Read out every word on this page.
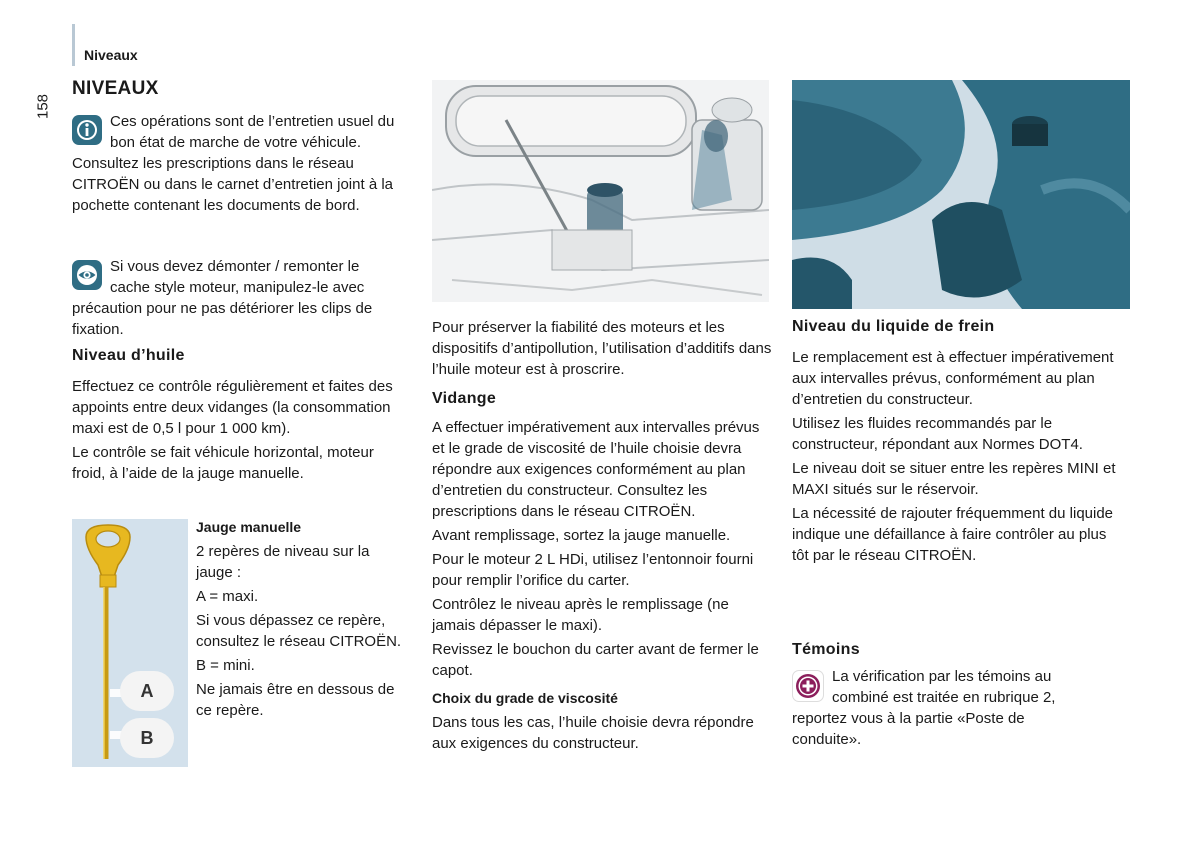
Niveaux
158
NIVEAUX

Ces opérations sont de l’entretien usuel du bon état de marche de votre véhicule. Consultez les prescriptions dans le réseau CITROËN ou dans le carnet d’entretien joint à la pochette contenant les documents de bord.

Si vous devez démonter / remonter le cache style moteur, manipulez-le avec précaution pour ne pas détériorer les clips de fixation.

Niveau d’huile

Effectuez ce contrôle régulièrement et faites des appoints entre deux vidanges (la consommation maxi est de 0,5 l pour 1 000 km).

Le contrôle se fait véhicule horizontal, moteur froid, à l’aide de la jauge manuelle.

A
B

Jauge manuelle

2 repères de niveau sur la jauge :

A = maxi.

Si vous dépassez ce repère, consultez le réseau CITROËN.

B = mini.

Ne jamais être en dessous de ce repère.

Pour préserver la fiabilité des moteurs et les dispositifs d’antipollution, l’utilisation d’additifs dans l’huile moteur est à proscrire.
Vidange

A effectuer impérativement aux intervalles prévus et le grade de viscosité de l’huile choisie devra répondre aux exigences conformément au plan d’entretien du constructeur. Consultez les prescriptions dans le réseau CITROËN.

Avant remplissage, sortez la jauge manuelle.

Pour le moteur 2 L HDi, utilisez l’entonnoir fourni pour remplir l’orifice du carter.

Contrôlez le niveau après le remplissage (ne jamais dépasser le maxi).

Revissez le bouchon du carter avant de fermer le capot.

Choix du grade de viscosité

Dans tous les cas, l’huile choisie devra répondre aux exigences du constructeur.

Niveau du liquide de frein

Le remplacement est à effectuer impérativement aux intervalles prévus, conformément au plan d’entretien du constructeur.

Utilisez les fluides recommandés par le constructeur, répondant aux Normes DOT4.

Le niveau doit se situer entre les repères MINI et MAXI situés sur le réservoir.

La nécessité de rajouter fréquemment du liquide indique une défaillance à faire contrôler au plus tôt par le réseau CITROËN.

Témoins

La vérification par les témoins au combiné est traitée en rubrique 2, reportez vous à la partie «Poste de conduite».
